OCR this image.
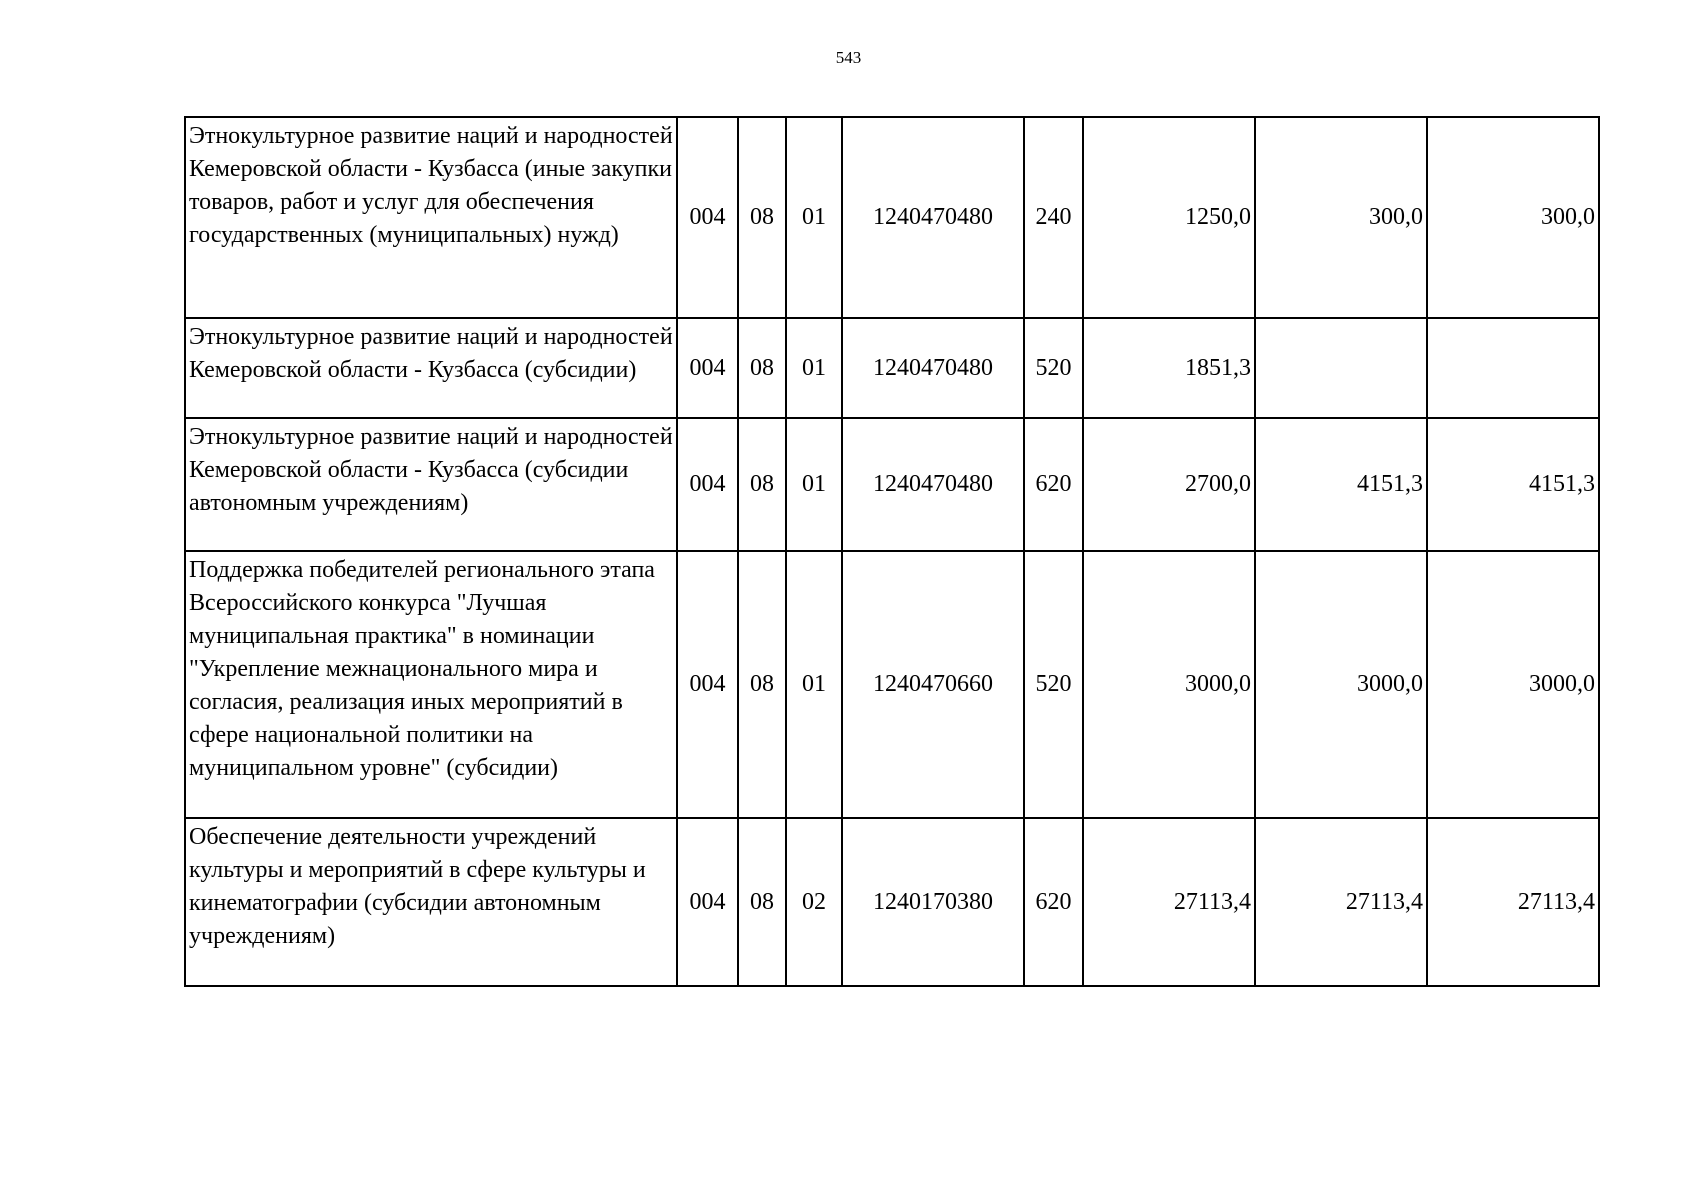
543
Этнокультурное развитие наций и народностей Кемеровской области - Кузбасса (иные закупки товаров, работ и услуг для обеспечения государственных (муниципальных) нужд)	004	08	01	1240470480	240	1250,0	300,0	300,0
Этнокультурное развитие наций и народностей Кемеровской области - Кузбасса (субсидии)	004	08	01	1240470480	520	1851,3		
Этнокультурное развитие наций и народностей Кемеровской области - Кузбасса (субсидии автономным учреждениям)	004	08	01	1240470480	620	2700,0	4151,3	4151,3
Поддержка победителей регионального этапа Всероссийского конкурса "Лучшая муниципальная практика" в номинации "Укрепление межнационального мира и согласия, реализация иных мероприятий в сфере национальной политики на муниципальном уровне" (субсидии)	004	08	01	1240470660	520	3000,0	3000,0	3000,0
Обеспечение деятельности учреждений культуры и мероприятий в сфере культуры и кинематографии (субсидии автономным учреждениям)	004	08	02	1240170380	620	27113,4	27113,4	27113,4
